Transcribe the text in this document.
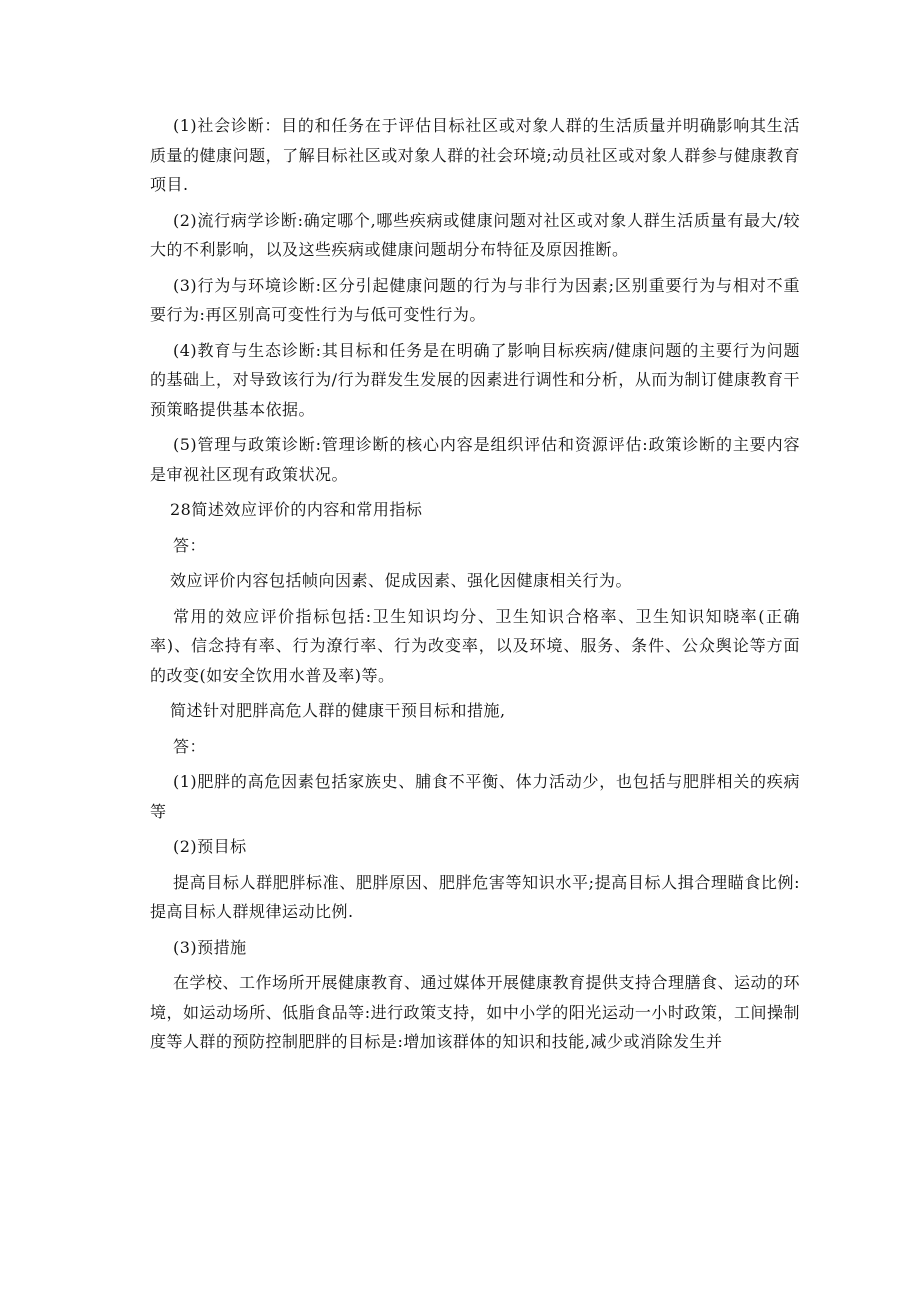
(1)社会诊断：目的和任务在于评估目标社区或对象人群的生活质量并明确影响其生活质量的健康问题，了解目标社区或对象人群的社会环境;动员社区或对象人群参与健康教育项目.

(2)流行病学诊断:确定哪个,哪些疾病或健康问题对社区或对象人群生活质量有最大/较大的不利影响，以及这些疾病或健康问题胡分布特征及原因推断。

(3)行为与环境诊断:区分引起健康问题的行为与非行为因素;区别重要行为与相对不重要行为:再区别高可变性行为与低可变性行为。

(4)教育与生态诊断:其目标和任务是在明确了影响目标疾病/健康问题的主要行为问题的基础上，对导致该行为/行为群发生发展的因素进行调性和分析，从而为制订健康教育干预策略提供基本依据。

(5)管理与政策诊断:管理诊断的核心内容是组织评估和资源评估:政策诊断的主要内容是审视社区现有政策状况。

28简述效应评价的内容和常用指标

答：

效应评价内容包括帧向因素、促成因素、强化因健康相关行为。

常用的效应评价指标包括:卫生知识均分、卫生知识合格率、卫生知识知晓率(正确率)、信念持有率、行为潦行率、行为改变率，以及环境、服务、条件、公众舆论等方面的改变(如安全饮用水普及率)等。

简述针对肥胖高危人群的健康干预目标和措施,

答：

(1)肥胖的高危因素包括家族史、脯食不平衡、体力活动少，也包括与肥胖相关的疾病等

(2)预目标

提高目标人群肥胖标准、肥胖原因、肥胖危害等知识水平;提高目标人揖合理瞄食比例:提高目标人群规律运动比例.

(3)预措施

在学校、工作场所开展健康教育、通过媒体开展健康教育提供支持合理膳食、运动的环境，如运动场所、低脂食品等:进行政策支持，如中小学的阳光运动一小时政策，工间操制度等人群的预防控制肥胖的目标是:增加该群体的知识和技能,减少或消除发生并
